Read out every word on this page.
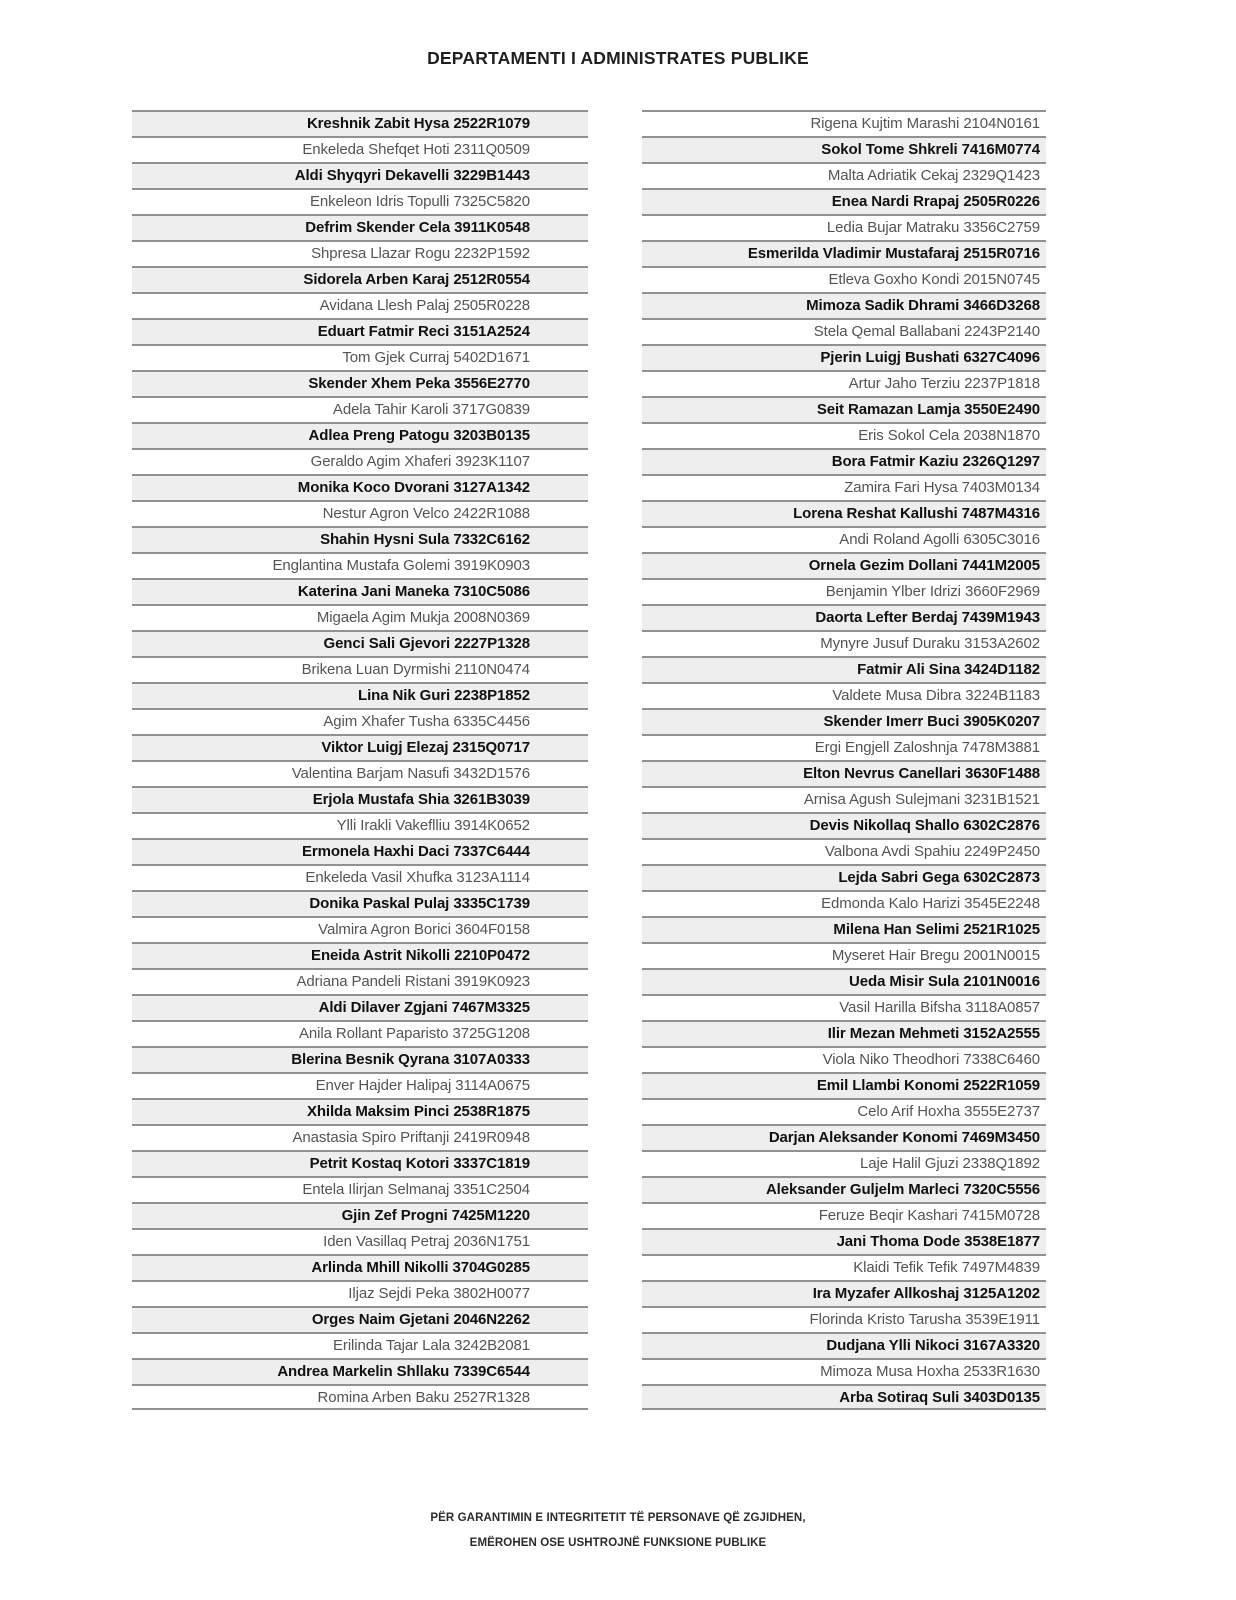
DEPARTAMENTI I ADMINISTRATES PUBLIKE
Kreshnik Zabit Hysa 2522R1079
Enkeleda Shefqet Hoti 2311Q0509
Aldi Shyqyri Dekavelli 3229B1443
Enkeleon Idris Topulli 7325C5820
Defrim Skender Cela 3911K0548
Shpresa Llazar Rogu 2232P1592
Sidorela Arben Karaj 2512R0554
Avidana Llesh Palaj 2505R0228
Eduart Fatmir Reci 3151A2524
Tom Gjek Curraj 5402D1671
Skender Xhem Peka 3556E2770
Adela Tahir Karoli 3717G0839
Adlea Preng Patogu 3203B0135
Geraldo Agim Xhaferi 3923K1107
Monika Koco Dvorani 3127A1342
Nestur Agron Velco 2422R1088
Shahin Hysni Sula 7332C6162
Englantina Mustafa Golemi 3919K0903
Katerina Jani Maneka 7310C5086
Migaela Agim Mukja 2008N0369
Genci Sali Gjevori 2227P1328
Brikena Luan Dyrmishi 2110N0474
Lina Nik Guri 2238P1852
Agim Xhafer Tusha 6335C4456
Viktor Luigj Elezaj 2315Q0717
Valentina Barjam Nasufi 3432D1576
Erjola Mustafa Shia 3261B3039
Ylli Irakli Vakeflliu 3914K0652
Ermonela Haxhi Daci 7337C6444
Enkeleda Vasil Xhufka 3123A1114
Donika Paskal Pulaj 3335C1739
Valmira Agron Borici 3604F0158
Eneida Astrit Nikolli 2210P0472
Adriana Pandeli Ristani 3919K0923
Aldi Dilaver Zgjani 7467M3325
Anila Rollant Paparisto 3725G1208
Blerina Besnik Qyrana 3107A0333
Enver Hajder Halipaj 3114A0675
Xhilda Maksim Pinci 2538R1875
Anastasia Spiro Priftanji 2419R0948
Petrit Kostaq Kotori 3337C1819
Entela Ilirjan Selmanaj 3351C2504
Gjin Zef Progni 7425M1220
Iden Vasillaq Petraj 2036N1751
Arlinda Mhill Nikolli 3704G0285
Iljaz Sejdi Peka 3802H0077
Orges Naim Gjetani 2046N2262
Erilinda Tajar Lala 3242B2081
Andrea Markelin Shllaku 7339C6544
Romina Arben Baku 2527R1328
Rigena Kujtim Marashi 2104N0161
Sokol Tome Shkreli 7416M0774
Malta Adriatik Cekaj 2329Q1423
Enea Nardi Rrapaj 2505R0226
Ledia Bujar Matraku 3356C2759
Esmerilda Vladimir Mustafaraj 2515R0716
Etleva Goxho Kondi 2015N0745
Mimoza Sadik Dhrami 3466D3268
Stela Qemal Ballabani 2243P2140
Pjerin Luigj Bushati 6327C4096
Artur Jaho Terziu 2237P1818
Seit Ramazan Lamja 3550E2490
Eris Sokol Cela 2038N1870
Bora Fatmir Kaziu 2326Q1297
Zamira Fari Hysa 7403M0134
Lorena Reshat Kallushi 7487M4316
Andi Roland Agolli 6305C3016
Ornela Gezim Dollani 7441M2005
Benjamin Ylber Idrizi 3660F2969
Daorta Lefter Berdaj 7439M1943
Mynyre Jusuf Duraku 3153A2602
Fatmir Ali Sina 3424D1182
Valdete Musa Dibra 3224B1183
Skender Imerr Buci 3905K0207
Ergi Engjell Zaloshnja 7478M3881
Elton Nevrus Canellari 3630F1488
Arnisa Agush Sulejmani 3231B1521
Devis Nikollaq Shallo 6302C2876
Valbona Avdi Spahiu 2249P2450
Lejda Sabri Gega 6302C2873
Edmonda Kalo Harizi 3545E2248
Milena Han Selimi 2521R1025
Myseret Hair Bregu 2001N0015
Ueda Misir Sula 2101N0016
Vasil Harilla Bifsha 3118A0857
Ilir Mezan Mehmeti 3152A2555
Viola Niko Theodhori 7338C6460
Emil Llambi Konomi 2522R1059
Celo Arif Hoxha 3555E2737
Darjan Aleksander Konomi 7469M3450
Laje Halil Gjuzi 2338Q1892
Aleksander Guljelm Marleci 7320C5556
Feruze Beqir Kashari 7415M0728
Jani Thoma Dode 3538E1877
Klaidi Tefik Tefik 7497M4839
Ira Myzafer Allkoshaj 3125A1202
Florinda Kristo Tarusha 3539E1911
Dudjana Ylli Nikoci 3167A3320
Mimoza Musa Hoxha 2533R1630
Arba Sotiraq Suli 3403D0135
PËR GARANTIMIN E INTEGRITETIT TË PERSONAVE QË ZGJIDHEN,
EMËROHEN OSE USHTROJNË FUNKSIONE PUBLIKE
